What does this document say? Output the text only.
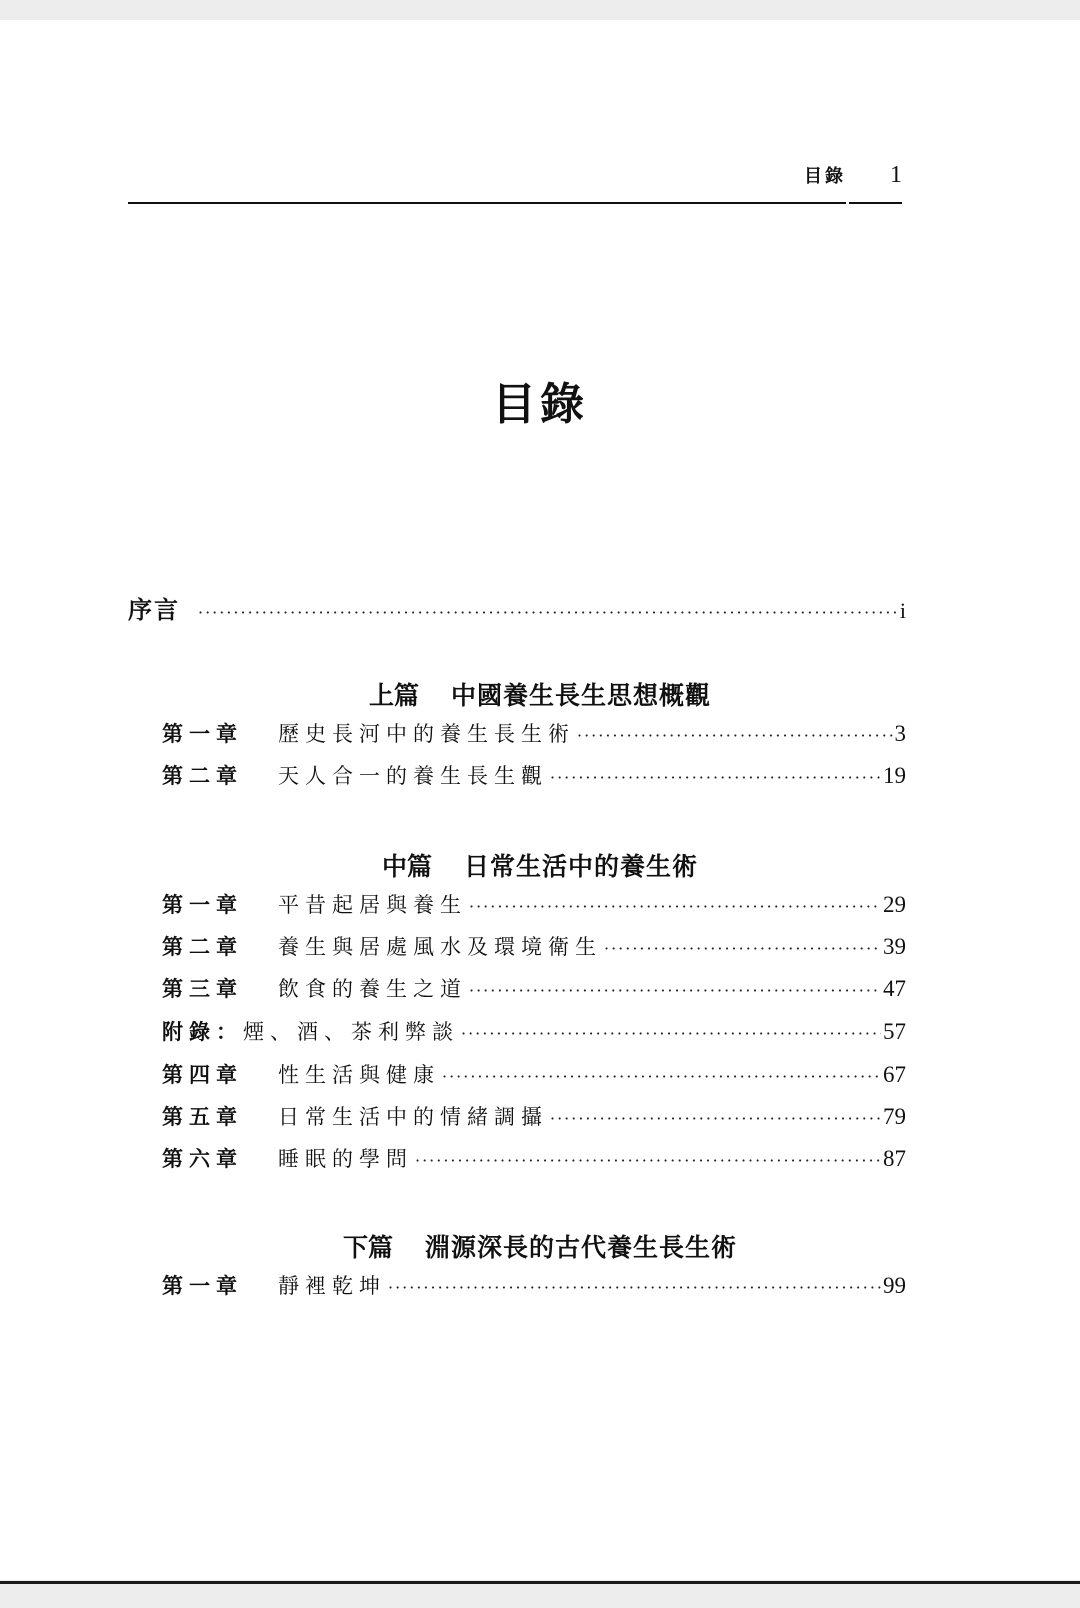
目錄 1
目錄
序言 ·····	i
上篇 中國養生長生思想概觀
第一章	歷史長河中的養生長生術 ·····	3
第二章	天人合一的養生長生觀 ·····	19
中篇 日常生活中的養生術
第一章	平昔起居與養生 ·····	29
第二章	養生與居處風水及環境衛生 ·····	39
第三章	飲食的養生之道 ·····	47
附錄： 煙、酒、茶利弊談 ·····	57
第四章	性生活與健康 ·····	67
第五章	日常生活中的情緒調攝 ·····	79
第六章	睡眠的學問 ·····	87
下篇 淵源深長的古代養生長生術
第一章	靜裡乾坤 ·····	99
